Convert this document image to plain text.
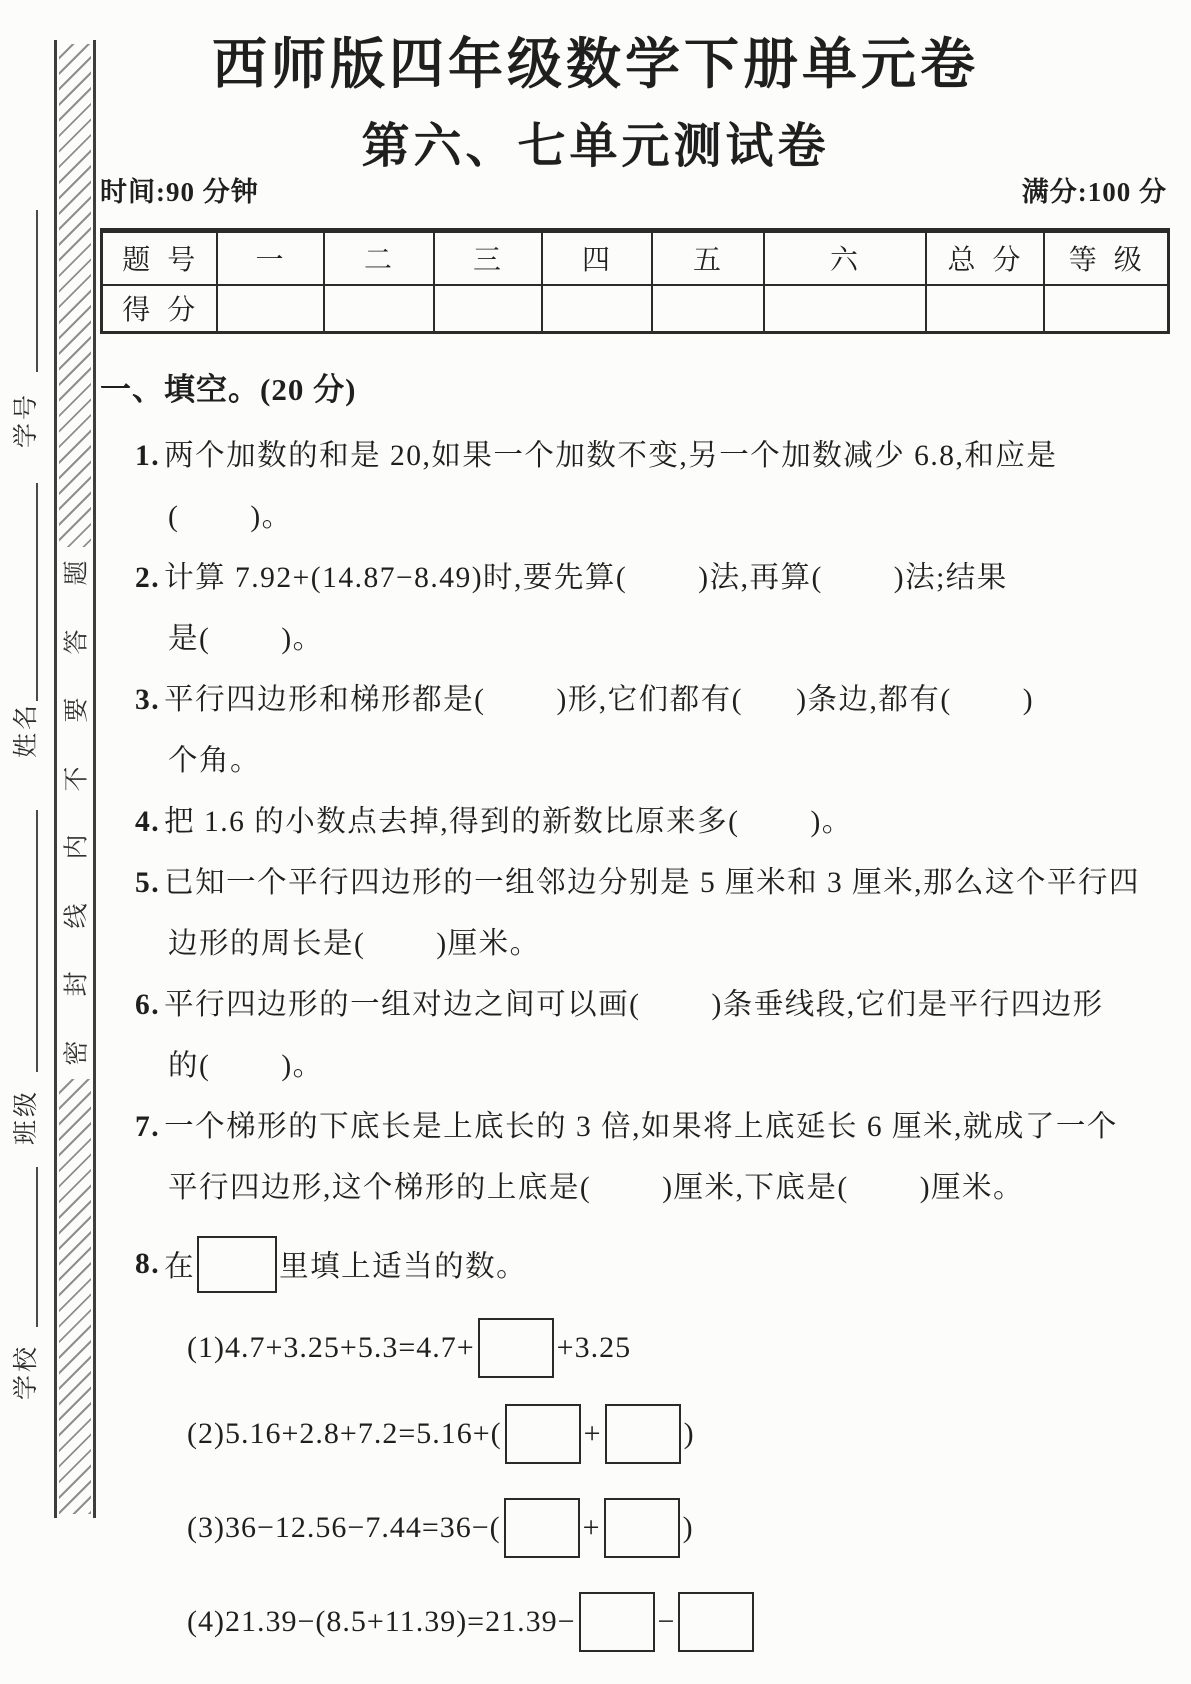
学号
姓名
班级
学校
题
答
要
不
内
线
封
密
西师版四年级数学下册单元卷
第六、七单元测试卷
时间:90 分钟	满分:100 分
题  号	一	二	三	四	五	六	总  分	等  级
得  分								
一、填空。(20 分)
1. 两个加数的和是 20,如果一个加数不变,另一个加数减少 6.8,和应是
(        )。
2. 计算 7.92+(14.87−8.49)时,要先算(        )法,再算(        )法;结果
是(        )。
3. 平行四边形和梯形都是(        )形,它们都有(      )条边,都有(        )
个角。
4. 把 1.6 的小数点去掉,得到的新数比原来多(        )。
5. 已知一个平行四边形的一组邻边分别是 5 厘米和 3 厘米,那么这个平行四
边形的周长是(        )厘米。
6. 平行四边形的一组对边之间可以画(        )条垂线段,它们是平行四边形
的(        )。
7. 一个梯形的下底长是上底长的 3 倍,如果将上底延长 6 厘米,就成了一个
平行四边形,这个梯形的上底是(        )厘米,下底是(        )厘米。
8. 在	里填上适当的数。
(1)4.7+3.25+5.3=4.7+	+3.25
(2)5.16+2.8+7.2=5.16+(	+	)
(3)36−12.56−7.44=36−(	+	)
(4)21.39−(8.5+11.39)=21.39−	−
